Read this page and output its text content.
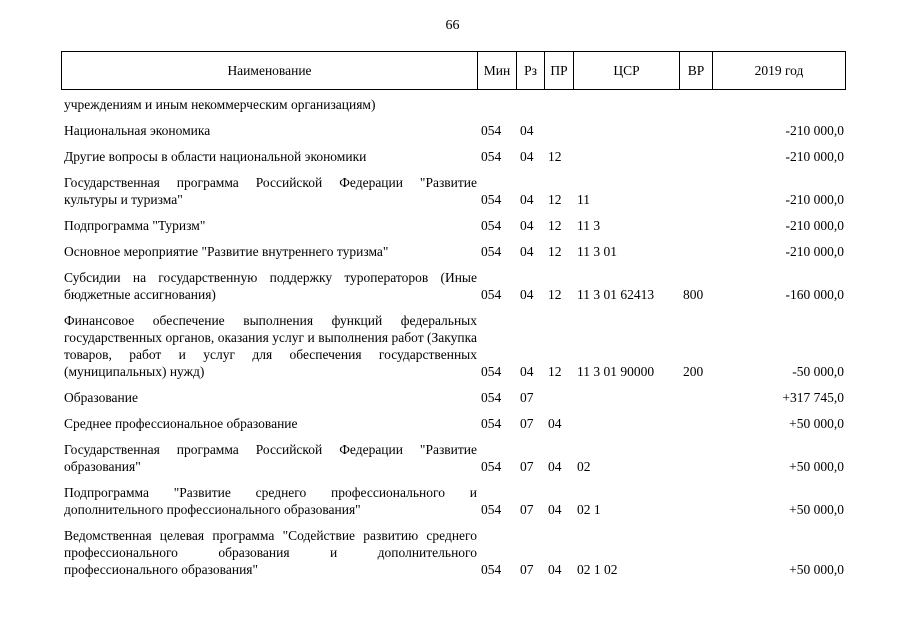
66
Наименование	Мин	Рз	ПР	ЦСР	ВР	2019 год
учреждениям и иным некоммерческим организациям)						
Национальная экономика	054	04				-210 000,0
Другие вопросы в области национальной экономики	054	04	12			-210 000,0
Государственная программа Российской Федерации "Развитие культуры и туризма"	054	04	12	11		-210 000,0
Подпрограмма "Туризм"	054	04	12	11 3		-210 000,0
Основное мероприятие "Развитие внутреннего туризма"	054	04	12	11 3 01		-210 000,0
Субсидии на государственную поддержку туроператоров (Иные бюджетные ассигнования)	054	04	12	11 3 01 62413	800	-160 000,0
Финансовое обеспечение выполнения функций федеральных государственных органов, оказания услуг и выполнения работ (Закупка товаров, работ и услуг для обеспечения государственных (муниципальных) нужд)	054	04	12	11 3 01 90000	200	-50 000,0
Образование	054	07				+317 745,0
Среднее профессиональное образование	054	07	04			+50 000,0
Государственная программа Российской Федерации "Развитие образования"	054	07	04	02		+50 000,0
Подпрограмма "Развитие среднего профессионального и дополнительного профессионального образования"	054	07	04	02 1		+50 000,0
Ведомственная целевая программа "Содействие развитию среднего профессионального образования и дополнительного профессионального образования"	054	07	04	02 1 02		+50 000,0
